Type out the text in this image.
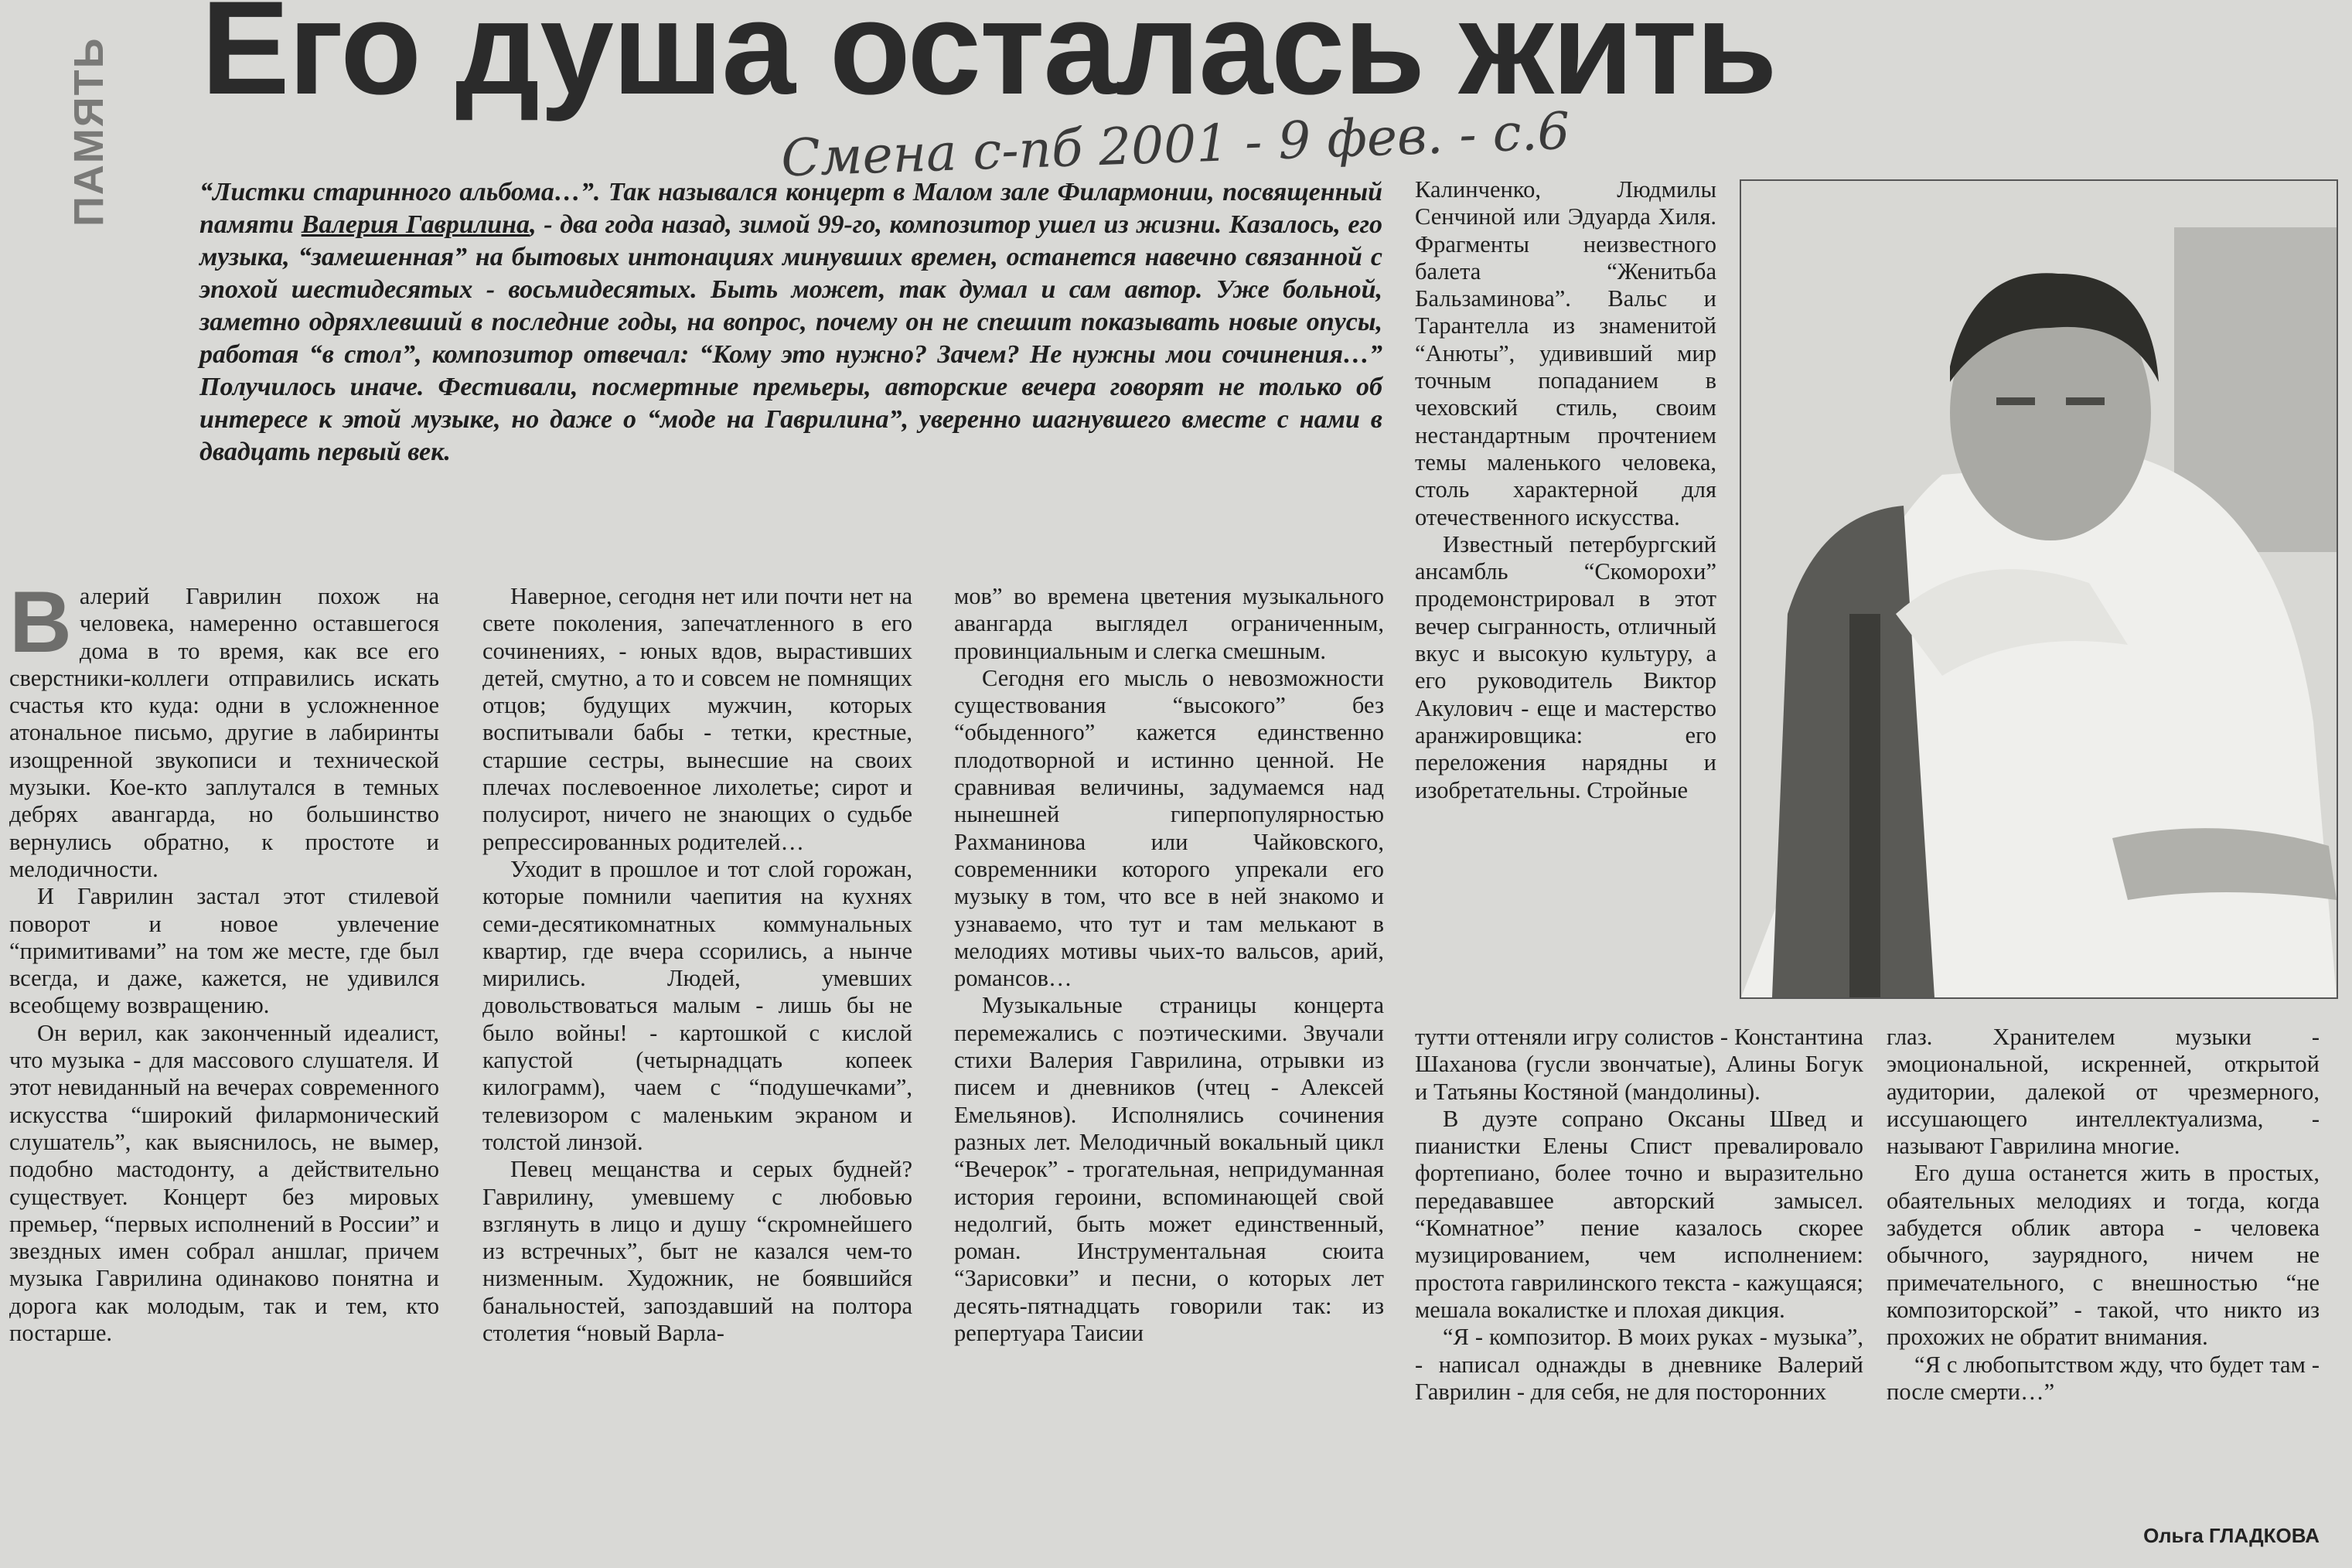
ПАМЯТЬ Его душа осталась жить
Смена с-пб 2001 - 9 фев. - с.6
“Листки старинного альбома…”. Так назывался концерт в Малом зале Филармонии, посвященный памяти Валерия Гаврилина, - два года назад, зимой 99-го, композитор ушел из жизни. Казалось, его музыка, “замешенная” на бытовых интонациях минувших времен, останется навечно связанной с эпохой шестидесятых - восьмидесятых. Быть может, так думал и сам автор. Уже больной, заметно одряхлевший в последние годы, на вопрос, почему он не спешит показывать новые опусы, работая “в стол”, композитор отвечал: “Кому это нужно? Зачем? Не нужны мои сочинения…” Получилось иначе. Фестивали, посмертные премьеры, авторские вечера говорят не только об интересе к этой музыке, но даже о “моде на Гаврилина”, уверенно шагнувшего вместе с нами в двадцать первый век.

Валерий Гаврилин похож на человека, намеренно оставшегося дома в то время, как все его сверстники-коллеги отправились искать счастья кто куда: одни в усложненное атональное письмо, другие в лабиринты изощренной звукописи и технической музыки. Кое-кто заплутался в темных дебрях авангарда, но большинство вернулись обратно, к простоте и мелодичности.

И Гаврилин застал этот стилевой поворот и новое увлечение “примитивами” на том же месте, где был всегда, и даже, кажется, не удивился всеобщему возвращению.

Он верил, как законченный идеалист, что музыка - для массового слушателя. И этот невиданный на вечерах современного искусства “широкий филармонический слушатель”, как выяснилось, не вымер, подобно мастодонту, а действительно существует. Концерт без мировых премьер, “первых исполнений в России” и звездных имен собрал аншлаг, причем музыка Гаврилина одинаково понятна и дорога как молодым, так и тем, кто постарше.

Наверное, сегодня нет или почти нет на свете поколения, запечатленного в его сочинениях, - юных вдов, вырастивших детей, смутно, а то и совсем не помнящих отцов; будущих мужчин, которых воспитывали бабы - тетки, крестные, старшие сестры, вынесшие на своих плечах послевоенное лихолетье; сирот и полусирот, ничего не знающих о судьбе репрессированных родителей…

Уходит в прошлое и тот слой горожан, которые помнили чаепития на кухнях семи-десятикомнатных коммунальных квартир, где вчера ссорились, а нынче мирились. Людей, умевших довольствоваться малым - лишь бы не было войны! - картошкой с кислой капустой (четырнадцать копеек килограмм), чаем с “подушечками”, телевизором с маленьким экраном и толстой линзой.

Певец мещанства и серых будней? Гаврилину, умевшему с любовью взглянуть в лицо и душу “скромнейшего из встречных”, быт не казался чем-то низменным. Художник, не боявшийся банальностей, запоздавший на полтора столетия “новый Варла-

мов” во времена цветения музыкального авангарда выглядел ограниченным, провинциальным и слегка смешным.

Сегодня его мысль о невозможности существования “высокого” без “обыденного” кажется единственно плодотворной и истинно ценной. Не сравнивая величины, задумаемся над нынешней гиперпопулярностью Рахманинова или Чайковского, современники которого упрекали его музыку в том, что все в ней знакомо и узнаваемо, что тут и там мелькают в мелодиях мотивы чьих-то вальсов, арий, романсов…

Музыкальные страницы концерта перемежались с поэтическими. Звучали стихи Валерия Гаврилина, отрывки из писем и дневников (чтец - Алексей Емельянов). Исполнялись сочинения разных лет. Мелодичный вокальный цикл “Вечерок” - трогательная, непридуманная история героини, вспоминающей свой недолгий, быть может единственный, роман. Инструментальная сюита “Зарисовки” и песни, о которых лет десять-пятнадцать говорили так: из репертуара Таисии

Калинченко, Людмилы Сенчиной или Эдуарда Хиля. Фрагменты неизвестного балета “Женитьба Бальзаминова”. Вальс и Тарантелла из знаменитой “Анюты”, удививший мир точным попаданием в чеховский стиль, своим нестандартным прочтением темы маленького человека, столь характерной для отечественного искусства.

Известный петербургский ансамбль “Скоморохи” продемонстрировал в этот вечер сыгранность, отличный вкус и высокую культуру, а его руководитель Виктор Акулович - еще и мастерство аранжировщика: его переложения нарядны и изобретательны. Стройные

тутти оттеняли игру солистов - Константина Шаханова (гусли звончатые), Алины Богук и Татьяны Костяной (мандолины).

В дуэте сопрано Оксаны Швед и пианистки Елены Спист превалировало фортепиано, более точно и выразительно передававшее авторский замысел. “Комнатное” пение казалось скорее музицированием, чем исполнением: простота гаврилинского текста - кажущаяся; мешала вокалистке и плохая дикция.

“Я - композитор. В моих руках - музыка”, - написал однажды в дневнике Валерий Гаврилин - для себя, не для посторонних

глаз. Хранителем музыки - эмоциональной, искренней, открытой аудитории, далекой от чрезмерного, иссушающего интеллектуализма, - называют Гаврилина многие.

Его душа останется жить в простых, обаятельных мелодиях и тогда, когда забудется облик автора - человека обычного, заурядного, ничем не примечательного, с внешностью “не композиторской” - такой, что никто из прохожих не обратит внимания.

“Я с любопытством жду, что будет там - после смерти…”

Ольга ГЛАДКОВА
